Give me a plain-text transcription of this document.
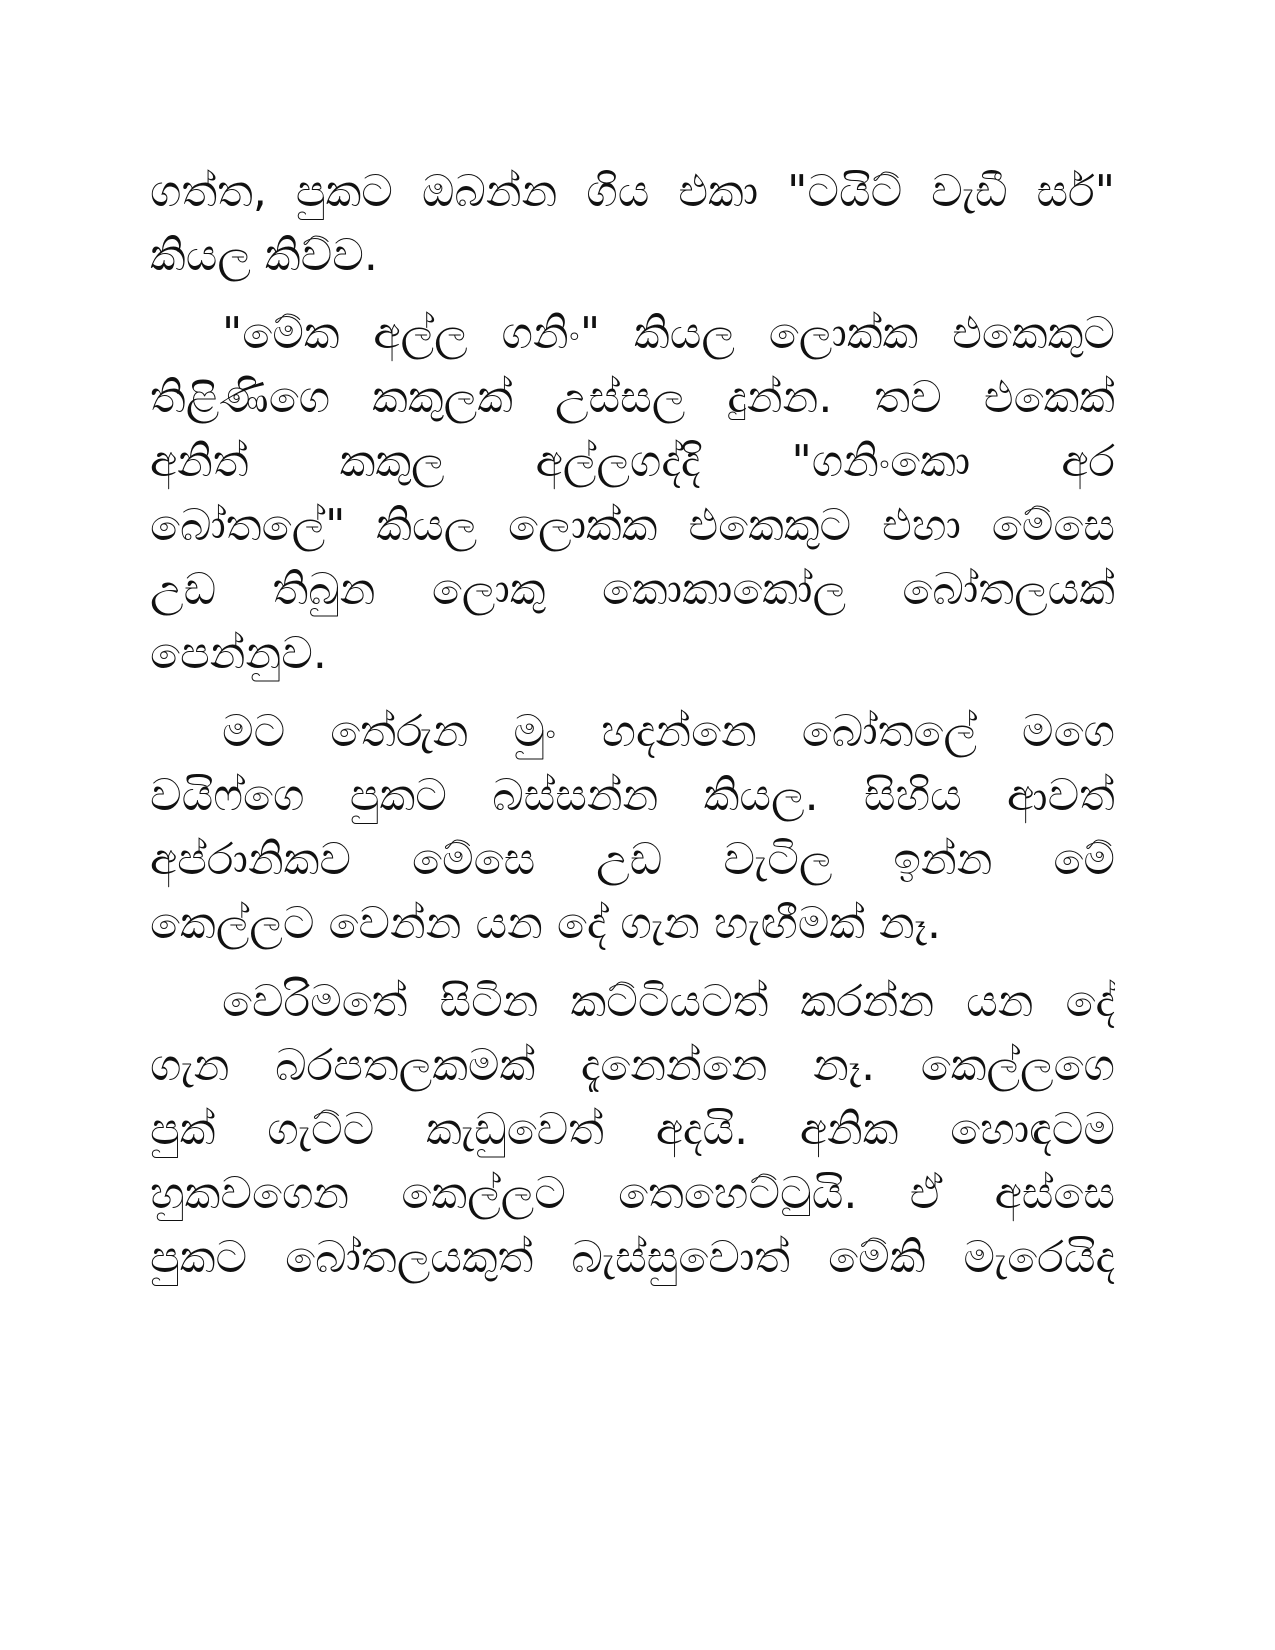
ගත්ත, පුකට ඔබන්න ගිය එකා "ටයිට් වැඩී සර්"
කියල කිව්ව.

"මේක අල්ල ගනිං" කියල ලොක්ක එකෙකුට
තිළිණිගෙ කකුලක් උස්සල දුන්න. තව එකෙක්
අනිත් කකුල අල්ලගද්දි "ගනිංකො අර
බෝතලේ" කියල ලොක්ක එකෙකුට එහා මේසෙ
උඩ තිබුන ලොකු කොකාකෝල බෝතලයක්
පෙන්නුව.

මට තේරුන මුං හදන්නෙ බෝතලේ මගෙ
වයිෆ්ගෙ පුකට බස්සන්න කියල. සිහිය ආවත්
අප්රානිකව මේසෙ උඩ වැටිල ඉන්න මේ
කෙල්ලට වෙන්න යන දේ ගැන හැඟීමක් නෑ.

වෙරිමතේ සිටින කට්ටියටත් කරන්න යන දේ
ගැන බරපතලකමක් දැනෙන්නෙ නෑ. කෙල්ලගෙ
පුක් ගැට්ට කැඩුවෙත් අදයි. අනික හොඳටම
හුකවගෙන කෙල්ලට තෙහෙට්ටුයි. ඒ අස්සෙ
පුකට බෝතලයකුත් බැස්සුවොත් මේකි මැරෙයිද
